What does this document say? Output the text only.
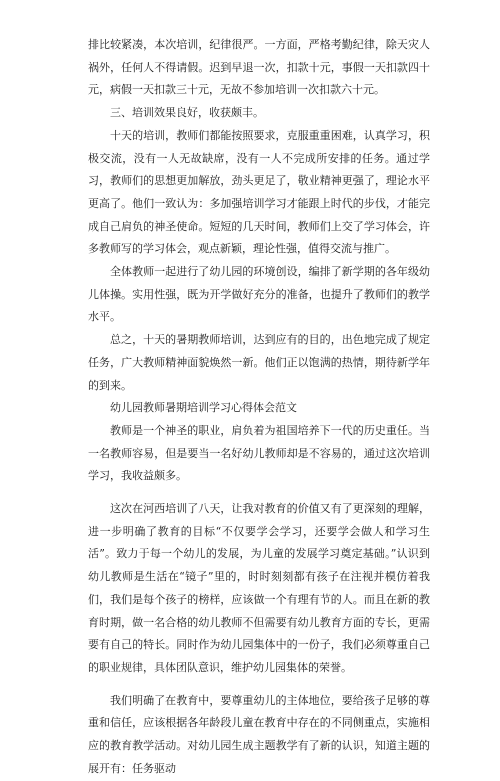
排比较紧凑，本次培训，纪律很严。一方面，严格考勤纪律，除天灾人　祸外，任何人不得请假。迟到早退一次，扣款十元，事假一天扣款四十元，病假一天扣款三十元，无故不参加培训一次扣款六十元。

三、培训效果良好，收获颇丰。

十天的培训，教师们都能按照要求，克服重重困难，认真学习，积极交流，没有一人无故缺席，没有一人不完成所安排的任务。通过学习，教师们的思想更加解放，劲头更足了，敬业精神更强了，理论水平更高了。他们一致认为：多加强培训学习才能跟上时代的步伐，才能完成自己肩负的神圣使命。短短的几天时间，教师们上交了学习体会，许多教师写的学习体会，观点新颖，理论性强，值得交流与推广。

全体教师一起进行了幼儿园的环境创设，编排了新学期的各年级幼儿体操。实用性强，既为开学做好充分的准备，也提升了教师们的教学水平。

总之，十天的暑期教师培训，达到应有的目的，出色地完成了规定任务，广大教师精神面貌焕然一新。他们正以饱满的热情，期待新学年的到来。

幼儿园教师暑期培训学习心得体会范文

教师是一个神圣的职业，肩负着为祖国培养下一代的历史重任。当一名教师容易，但是要当一名好幼儿教师却是不容易的，通过这次培训学习，我收益颇多。

这次在河西培训了八天，让我对教育的价值又有了更深刻的理解，进一步明确了教育的目标“不仅要学会学习，还要学会做人和学习生活”。致力于每一个幼儿的发展，为儿童的发展学习奠定基础。”认识到幼儿教师是生活在“镜子”里的，时时刻刻都有孩子在注视并模仿着我们，我们是每个孩子的榜样，应该做一个有理有节的人。而且在新的教育时期，做一名合格的幼儿教师不但需要有幼儿教育方面的专长，更需要有自己的特长。同时作为幼儿园集体中的一份子，我们必须尊重自己的职业规律，具体团队意识，维护幼儿园集体的荣誉。

我们明确了在教育中，要尊重幼儿的主体地位，要给孩子足够的尊重和信任，应该根据各年龄段儿童在教育中存在的不同侧重点，实施相应的教育教学活动。对幼儿园生成主题教学有了新的认识，知道主题的展开有：任务驱动
